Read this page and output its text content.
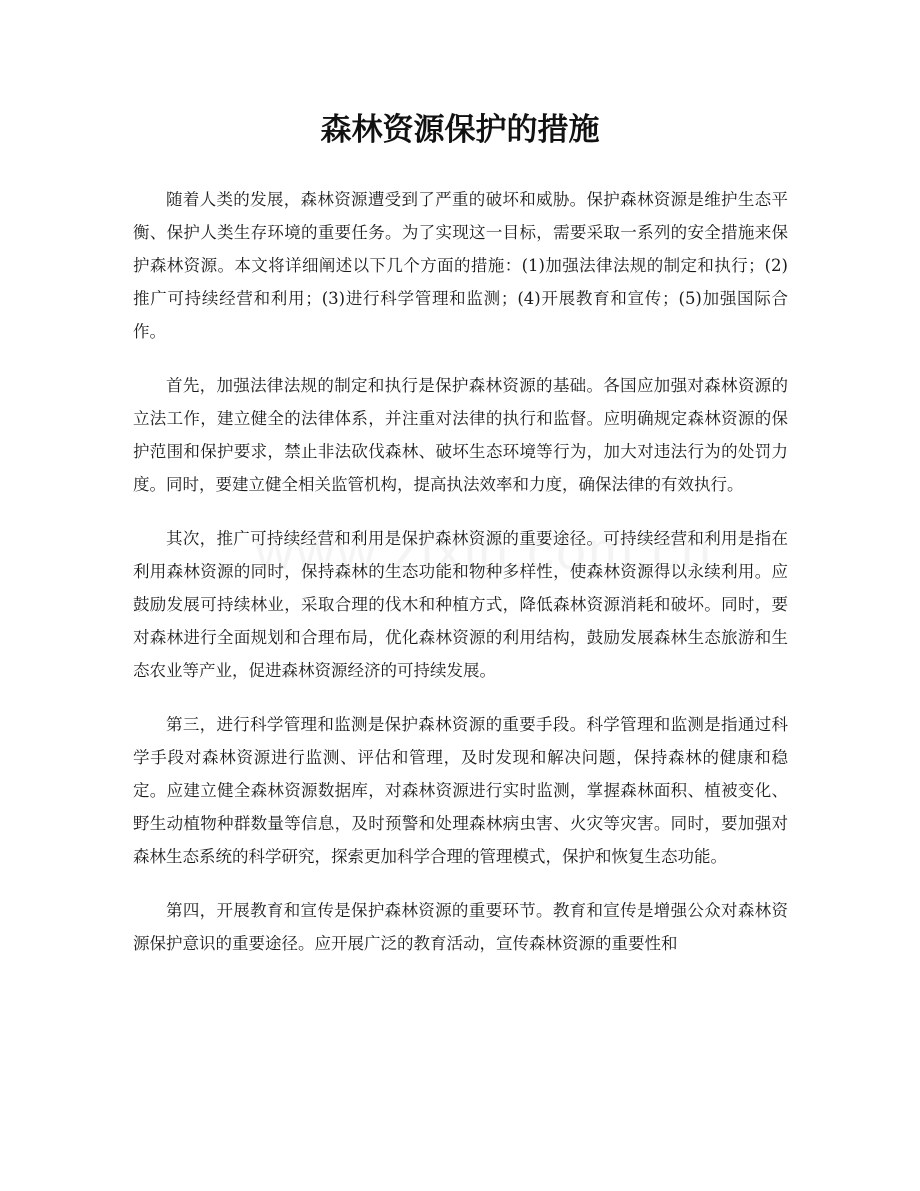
森林资源保护的措施

随着人类的发展，森林资源遭受到了严重的破坏和威胁。保护森林资源是维护生态平衡、保护人类生存环境的重要任务。为了实现这一目标，需要采取一系列的安全措施来保护森林资源。本文将详细阐述以下几个方面的措施：(1)加强法律法规的制定和执行；(2)推广可持续经营和利用；(3)进行科学管理和监测；(4)开展教育和宣传；(5)加强国际合作。

首先，加强法律法规的制定和执行是保护森林资源的基础。各国应加强对森林资源的立法工作，建立健全的法律体系，并注重对法律的执行和监督。应明确规定森林资源的保护范围和保护要求，禁止非法砍伐森林、破坏生态环境等行为，加大对违法行为的处罚力度。同时，要建立健全相关监管机构，提高执法效率和力度，确保法律的有效执行。

其次，推广可持续经营和利用是保护森林资源的重要途径。可持续经营和利用是指在利用森林资源的同时，保持森林的生态功能和物种多样性，使森林资源得以永续利用。应鼓励发展可持续林业，采取合理的伐木和种植方式，降低森林资源消耗和破坏。同时，要对森林进行全面规划和合理布局，优化森林资源的利用结构，鼓励发展森林生态旅游和生态农业等产业，促进森林资源经济的可持续发展。

第三，进行科学管理和监测是保护森林资源的重要手段。科学管理和监测是指通过科学手段对森林资源进行监测、评估和管理，及时发现和解决问题，保持森林的健康和稳定。应建立健全森林资源数据库，对森林资源进行实时监测，掌握森林面积、植被变化、野生动植物种群数量等信息，及时预警和处理森林病虫害、火灾等灾害。同时，要加强对森林生态系统的科学研究，探索更加科学合理的管理模式，保护和恢复生态功能。

第四，开展教育和宣传是保护森林资源的重要环节。教育和宣传是增强公众对森林资源保护意识的重要途径。应开展广泛的教育活动，宣传森林资源的重要性和
